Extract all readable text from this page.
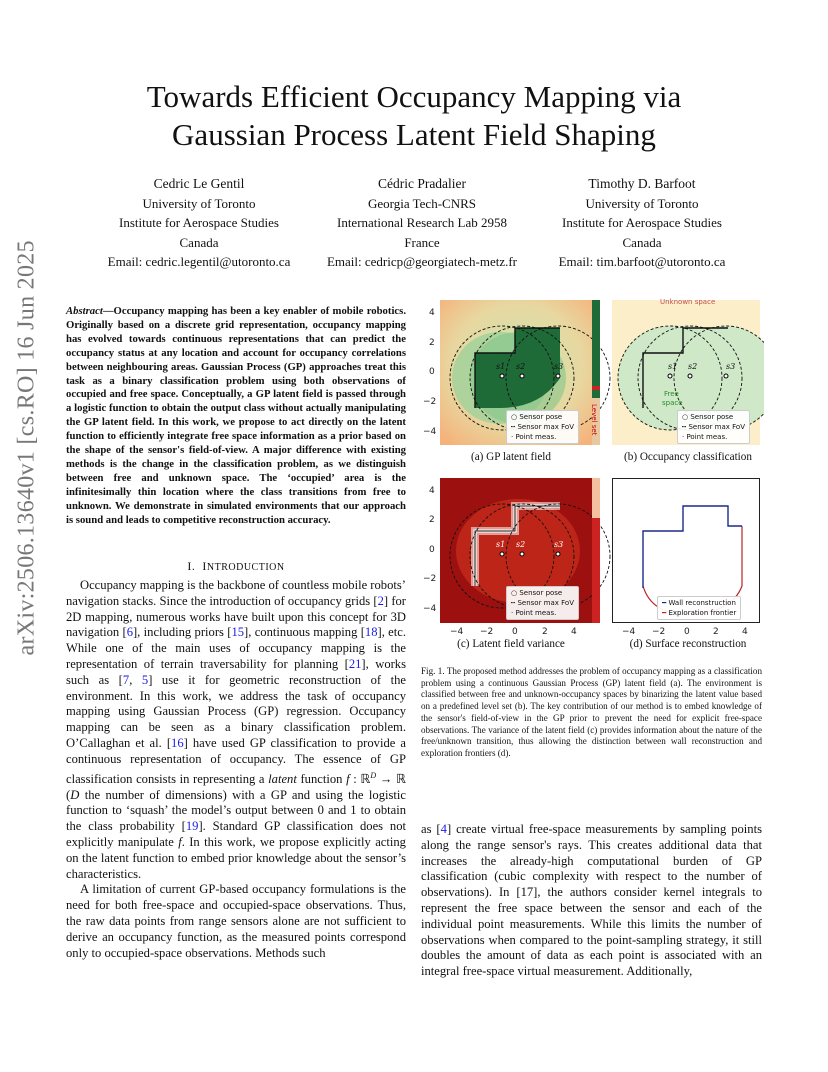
Towards Efficient Occupancy Mapping via
Gaussian Process Latent Field Shaping
Cedric Le Gentil
University of Toronto
Institute for Aerospace Studies
Canada
Email: cedric.legentil@utoronto.ca
Cédric Pradalier
Georgia Tech-CNRS
International Research Lab 2958
France
Email: cedricp@georgiatech-metz.fr
Timothy D. Barfoot
University of Toronto
Institute for Aerospace Studies
Canada
Email: tim.barfoot@utoronto.ca
arXiv:2506.13640v1 [cs.RO] 16 Jun 2025 Abstract—Occupancy mapping has been a key enabler of mobile robotics. Originally based on a discrete grid representation, occupancy mapping has evolved towards continuous representations that can predict the occupancy status at any location and account for occupancy correlations between neighbouring areas. Gaussian Process (GP) approaches treat this task as a binary classification problem using both observations of occupied and free space. Conceptually, a GP latent field is passed through a logistic function to obtain the output class without actually manipulating the GP latent field. In this work, we propose to act directly on the latent function to efficiently integrate free space information as a prior based on the shape of the sensor's field-of-view. A major difference with existing methods is the change in the classification problem, as we distinguish between free and unknown space. The ‘occupied’ area is the infinitesimally thin location where the class transitions from free to unknown. We demonstrate in simulated environments that our approach is sound and leads to competitive reconstruction accuracy.
I. INTRODUCTION

Occupancy mapping is the backbone of countless mobile robots’ navigation stacks. Since the introduction of occupancy grids [2] for 2D mapping, numerous works have built upon this concept for 3D navigation [6], including priors [15], continuous mapping [18], etc. While one of the main uses of occupancy mapping is the representation of terrain traversability for planning [21], works such as [7, 5] use it for geometric reconstruction of the environment. In this work, we address the task of occupancy mapping using Gaussian Process (GP) regression. Occupancy mapping can be seen as a binary classification problem. O’Callaghan et al. [16] have used GP classification to provide a continuous representation of occupancy. The essence of GP classification consists in representing a latent function f : ℝ$^D$ → ℝ (D the number of dimensions) with a GP and using the logistic function to ‘squash’ the model’s output between 0 and 1 to obtain the class probability [19]. Standard GP classification does not explicitly manipulate f. In this work, we propose explicitly acting on the latent function to embed prior knowledge about the sensor’s characteristics.

A limitation of current GP-based occupancy formulations is the need for both free-space and occupied-space observations. Thus, the raw data points from range sensors alone are not sufficient to derive an occupancy function, as the measured points correspond only to occupied-space observations. Methods such

4
2
0
−2
−4
s1 s2	s3
Level set
○ Sensor pose
┅ Sensor max FoV
· Point meas.
(a) GP latent field
Unknown space
Free
space
s1 s2	s3
○ Sensor pose
┅ Sensor max FoV
· Point meas.
(b) Occupancy classification
4
2
0
−2
−4
s1 s2	s3
○ Sensor pose
┅ Sensor max FoV
· Point meas.
−4 −2 0	2	4
(c) Latent field variance
━ Wall reconstruction
━ Exploration frontier
−4 −2 0	2	4
(d) Surface reconstruction
Fig. 1. The proposed method addresses the problem of occupancy mapping as a classification problem using a continuous Gaussian Process (GP) latent field (a). The environment is classified between free and unknown-occupancy spaces by binarizing the latent value based on a predefined level set (b). The key contribution of our method is to embed knowledge of the sensor's field-of-view in the GP prior to prevent the need for explicit free-space observations. The variance of the latent field (c) provides information about the nature of the free/unknown transition, thus allowing the distinction between wall reconstruction and exploration frontiers (d).
as [4] create virtual free-space measurements by sampling points along the range sensor's rays. This creates additional data that increases the already-high computational burden of GP classification (cubic complexity with respect to the number of observations). In [17], the authors consider kernel integrals to represent the free space between the sensor and each of the individual point measurements. While this limits the number of observations when compared to the point-sampling strategy, it still doubles the amount of data as each point is associated with an integral free-space virtual measurement. Additionally,
